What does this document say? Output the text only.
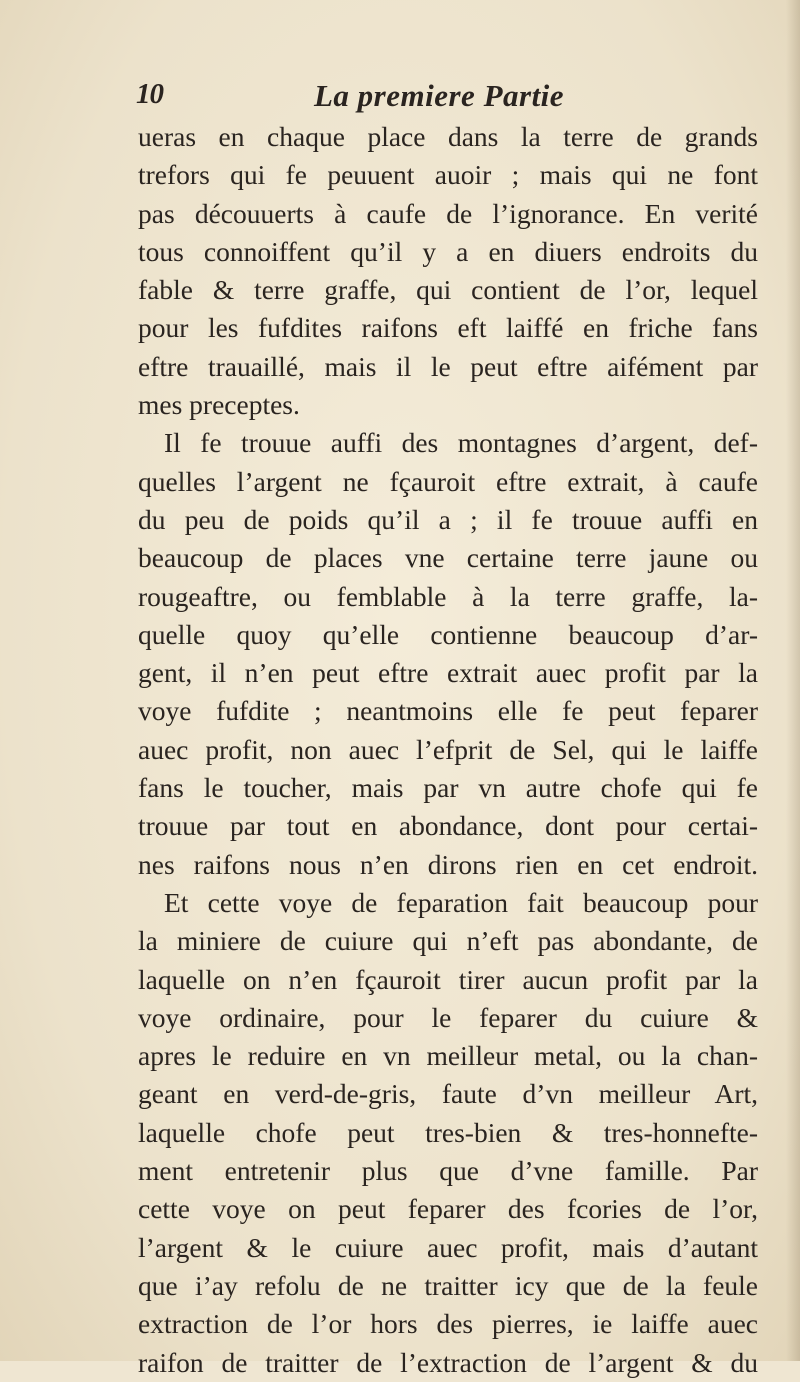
10	La premiere Partie
ueras en chaque place dans la terre de grands
trefors qui fe peuuent auoir ; mais qui ne font
pas découuerts à caufe de l’ignorance. En verité
tous connoiffent qu’il y a en diuers endroits du
fable & terre graffe, qui contient de l’or, lequel
pour les fufdites raifons eft laiffé en friche fans
eftre trauaillé, mais il le peut eftre aifément par
mes preceptes.
Il fe trouue auffi des montagnes d’argent, def-
quelles l’argent ne fçauroit eftre extrait, à caufe
du peu de poids qu’il a ; il fe trouue auffi en
beaucoup de places vne certaine terre jaune ou
rougeaftre, ou femblable à la terre graffe, la-
quelle quoy qu’elle contienne beaucoup d’ar-
gent, il n’en peut eftre extrait auec profit par la
voye fufdite ; neantmoins elle fe peut feparer
auec profit, non auec l’efprit de Sel, qui le laiffe
fans le toucher, mais par vn autre chofe qui fe
trouue par tout en abondance, dont pour certai-
nes raifons nous n’en dirons rien en cet endroit.
Et cette voye de feparation fait beaucoup pour
la miniere de cuiure qui n’eft pas abondante, de
laquelle on n’en fçauroit tirer aucun profit par la
voye ordinaire, pour le feparer du cuiure &
apres le reduire en vn meilleur metal, ou la chan-
geant en verd-de-gris, faute d’vn meilleur Art,
laquelle chofe peut tres-bien & tres-honnefte-
ment entretenir plus que d’vne famille. Par
cette voye on peut feparer des fcories de l’or,
l’argent & le cuiure auec profit, mais d’autant
que i’ay refolu de ne traitter icy que de la feule
extraction de l’or hors des pierres, ie laiffe auec
raifon de traitter de l’extraction de l’argent & du
